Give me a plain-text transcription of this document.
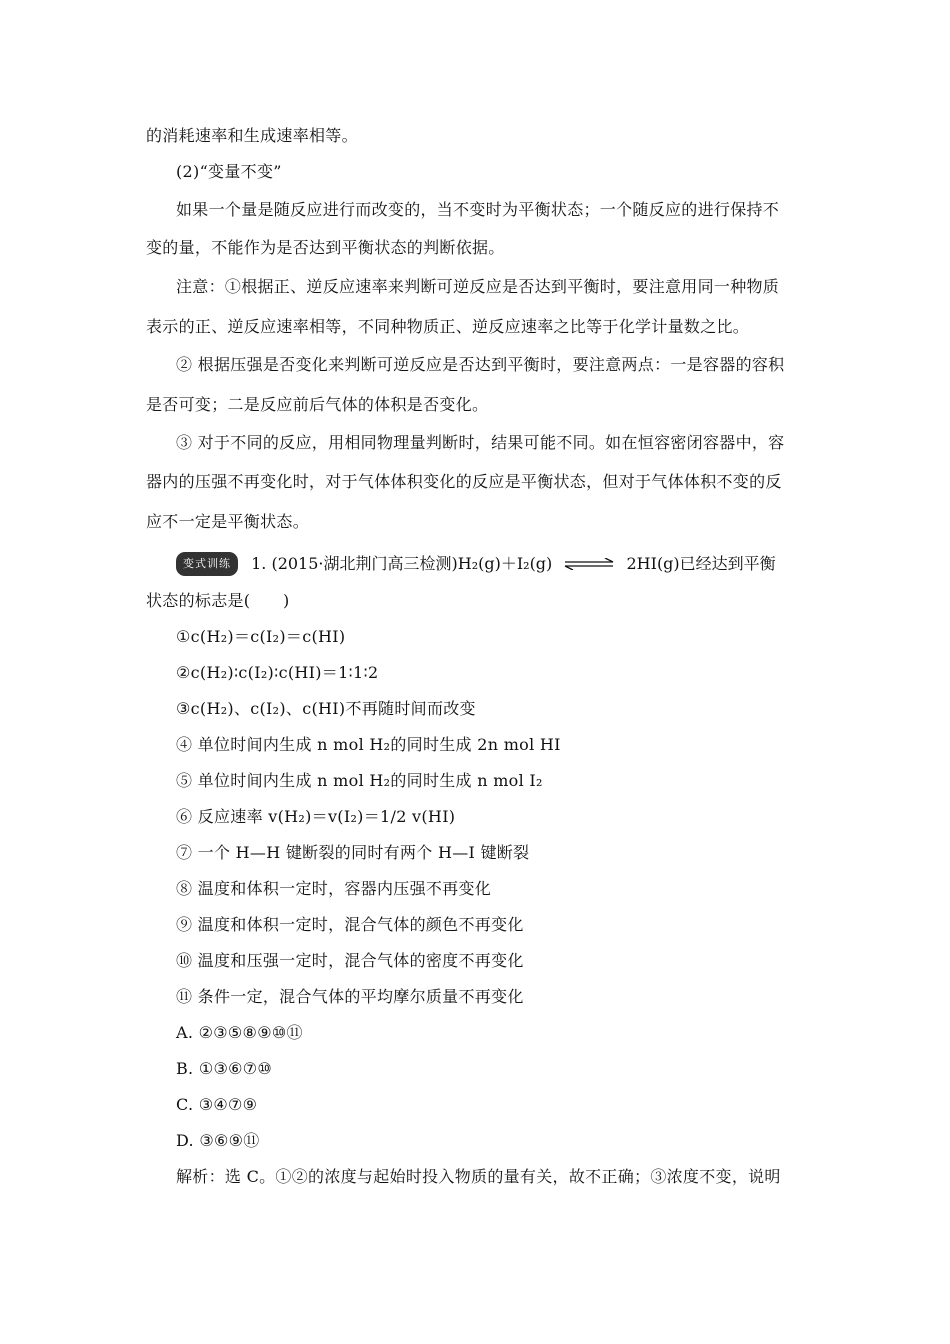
的消耗速率和生成速率相等。
(2)“变量不变”
如果一个量是随反应进行而改变的，当不变时为平衡状态；一个随反应的进行保持不
变的量，不能作为是否达到平衡状态的判断依据。
注意：①根据正、逆反应速率来判断可逆反应是否达到平衡时，要注意用同一种物质
表示的正、逆反应速率相等，不同种物质正、逆反应速率之比等于化学计量数之比。
② 根据压强是否变化来判断可逆反应是否达到平衡时，要注意两点：一是容器的容积
是否可变；二是反应前后气体的体积是否变化。
③ 对于不同的反应，用相同物理量判断时，结果可能不同。如在恒容密闭容器中，容
器内的压强不再变化时，对于气体体积变化的反应是平衡状态，但对于气体体积不变的反
应不一定是平衡状态。
变式训练 1. (2015·湖北荆门高三检测)H₂(g)＋I₂(g) ⇌ 2HI(g)已经达到平衡
状态的标志是(　　)
①c(H₂)＝c(I₂)＝c(HI)
②c(H₂)∶c(I₂)∶c(HI)＝1∶1∶2
③c(H₂)、c(I₂)、c(HI)不再随时间而改变
④ 单位时间内生成 n mol H₂的同时生成 2n mol HI
⑤ 单位时间内生成 n mol H₂的同时生成 n mol I₂
⑥ 反应速率 v(H₂)＝v(I₂)＝1/2 v(HI)
⑦ 一个 H—H 键断裂的同时有两个 H—I 键断裂
⑧ 温度和体积一定时，容器内压强不再变化
⑨ 温度和体积一定时，混合气体的颜色不再变化
⑩ 温度和压强一定时，混合气体的密度不再变化
⑪ 条件一定，混合气体的平均摩尔质量不再变化
A. ②③⑤⑧⑨⑩⑪
B. ①③⑥⑦⑩
C. ③④⑦⑨
D. ③⑥⑨⑪
解析：选 C。①②的浓度与起始时投入物质的量有关，故不正确；③浓度不变，说明
